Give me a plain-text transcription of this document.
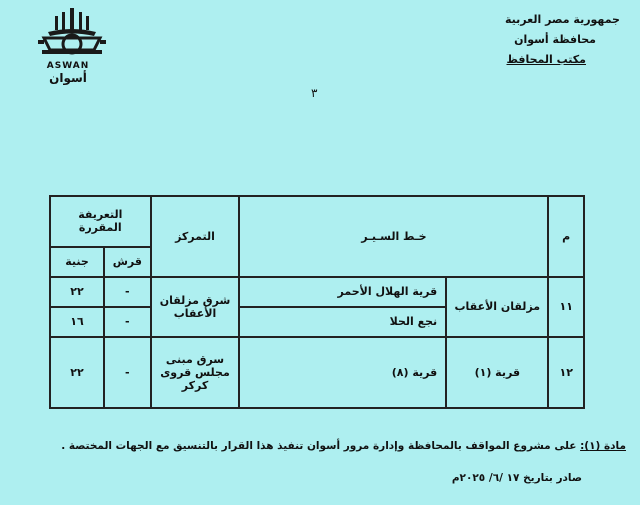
ASWAN
أسوان
جمهورية مصر العربية
محافظة أسوان
مكتب المحافظ
٣
م	خـط السـيـر		التمركز	التعريفة المقررة	
				قرش	جنية
١١	مزلقان الأعقاب	قرية الهلال الأحمر	شرق مزلقان الأعقاب	-	٢٢
		نجع الحلا		-	١٦
١٢	قرية (١)	قرية (٨)	سرق مبنى مجلس قروى كركر	-	٢٢
مادة (١): على مشروع المواقف بالمحافظة وإدارة مرور أسوان تنفيذ هذا القرار بالتنسيق مع الجهات المختصة .
صادر بتاريخ ١٧ /٦/ ٢٠٢٥م
